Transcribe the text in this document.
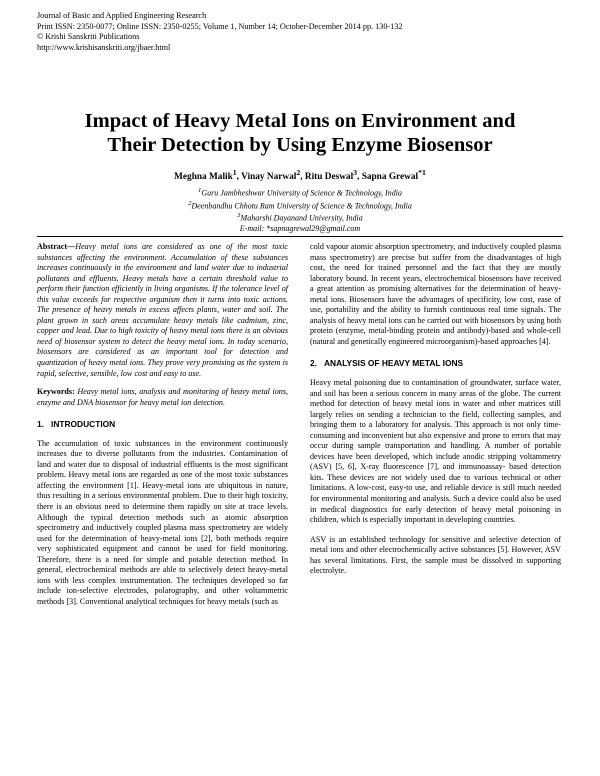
Journal of Basic and Applied Engineering Research
Print ISSN: 2350-0077; Online ISSN: 2350-0255; Volume 1, Number 14; October-December 2014 pp. 130-132
© Krishi Sanskriti Publications
http://www.krishisanskriti.org/jbaer.html
Impact of Heavy Metal Ions on Environment and
Their Detection by Using Enzyme Biosensor
Meghna Malik$^1$, Vinay Narwal$^2$, Ritu Deswal$^3$, Sapna Grewal$^{*1}$
$^1$Guru Jambheshwar University of Science & Technology, India
$^2$Deenbandhu Chhotu Ram University of Science & Technology, India
$^3$Maharshi Dayanand University, India
E-mail: *sapnagrewal29@gmail.com

Abstract—Heavy metal ions are considered as one of the most toxic substances affecting the environment. Accumulation of these substances increases continuously in the environment and land water due to industrial pollutants and effluents. Heavy metals have a certain threshold value to perform their function efficiently in living organisms. If the tolerance level of this value exceeds for respective organism then it turns into toxic actions. The presence of heavy metals in excess affects plants, water and soil. The plant grown in such areas accumulate heavy metals like cadmium, zinc, copper and lead. Due to high toxicity of heavy metal ions there is an obvious need of biosensor system to detect the heavy metal ions. In today scenario, biosensors are considered as an important tool for detection and quantization of heavy metal ions. They prove very promising as the system is rapid, selective, sensible, low cost and easy to use.

Keywords: Heavy metal ions, analysis and monitoring of heavy metal ions, enzyme and DNA biosensor for heavy metal ion detection.

1. INTRODUCTION

The accumulation of toxic substances in the environment continuously increases due to diverse pollutants from the industries. Contamination of land and water due to disposal of industrial effluents is the most significant problem. Heavy metal ions are regarded as one of the most toxic substances affecting the environment [1]. Heavy-metal ions are ubiquitous in nature, thus resulting in a serious environmental problem. Due to their high toxicity, there is an obvious need to determine them rapidly on site at trace levels. Although the typical detection methods such as atomic absorption spectrometry and inductively coupled plasma mass spectrometry are widely used for the determination of heavy-metal ions [2], both methods require very sophisticated equipment and cannot be used for field monitoring. Therefore, there is a need for simple and potable detection method. In general, electrochemical methods are able to selectively detect heavy-metal ions with less complex instrumentation. The techniques developed so far include ion-selective electrodes, polarography, and other voltammetric methods [3]. Conventional analytical techniques for heavy metals (such as

cold vapour atomic absorption spectrometry, and inductively coupled plasma mass spectrometry) are precise but suffer from the disadvantages of high cost, the need for trained personnel and the fact that they are mostly laboratory bound. In recent years, electrochemical biosensors have received a great attention as promising alternatives for the determination of heavy-metal ions. Biosensors have the advantages of specificity, low cost, ease of use, portability and the ability to furnish continuous real time signals. The analysis of heavy metal ions can be carried out with biosensors by using both protein (enzyme, metal-binding protein and antibody)-based and whole-cell (natural and genetically engineered microorganism)-based approaches [4].

2. ANALYSIS OF HEAVY METAL IONS

Heavy metal poisoning due to contamination of groundwater, surface water, and soil has been a serious concern in many areas of the globe. The current method for detection of heavy metal ions in water and other matrices still largely relies on sending a technician to the field, collecting samples, and bringing them to a laboratory for analysis. This approach is not only time-consuming and inconvenient but also expensive and prone to errors that may occur during sample transportation and handling. A number of portable devices have been developed, which include anodic stripping voltammetry (ASV) [5, 6], X-ray fluorescence [7], and immunoassay- based detection kits. These devices are not widely used due to various technical or other limitations. A low-cost, easy-to use, and reliable device is still much needed for environmental monitoring and analysis. Such a device could also be used in medical diagnostics for early detection of heavy metal poisoning in children, which is especially important in developing countries.

ASV is an established technology for sensitive and selective detection of metal ions and other electrochemically active substances [5]. However, ASV has several limitations. First, the sample must be dissolved in supporting electrolyte.
